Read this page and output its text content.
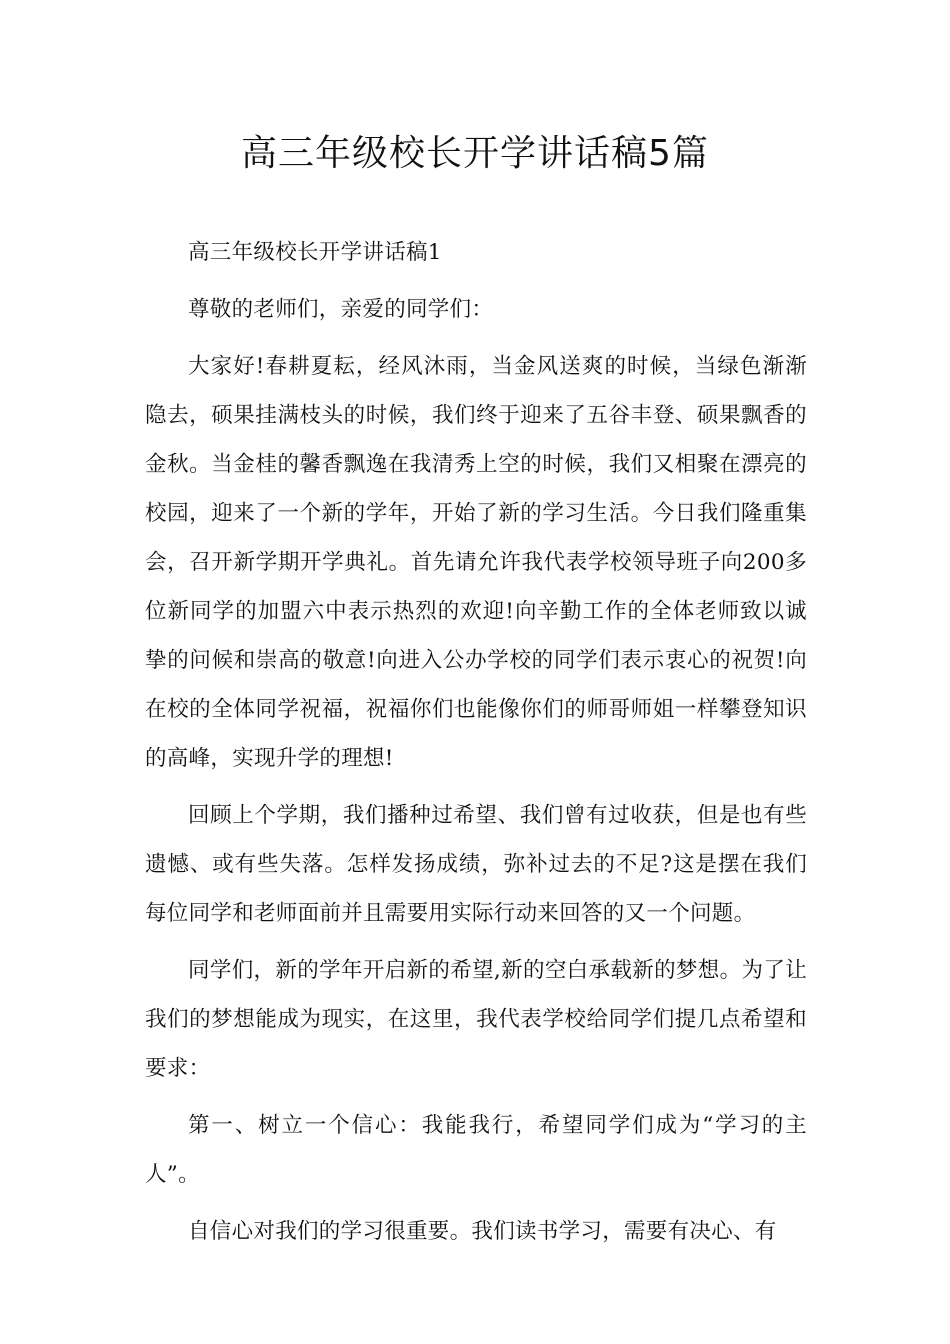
高三年级校长开学讲话稿5篇

高三年级校长开学讲话稿1

尊敬的老师们，亲爱的同学们：

大家好!春耕夏耘，经风沐雨，当金风送爽的时候，当绿色渐渐隐去，硕果挂满枝头的时候，我们终于迎来了五谷丰登、硕果飘香的金秋。当金桂的馨香飘逸在我清秀上空的时候，我们又相聚在漂亮的校园，迎来了一个新的学年，开始了新的学习生活。今日我们隆重集会，召开新学期开学典礼。首先请允许我代表学校领导班子向200多位新同学的加盟六中表示热烈的欢迎!向辛勤工作的全体老师致以诚挚的问候和崇高的敬意!向进入公办学校的同学们表示衷心的祝贺!向在校的全体同学祝福，祝福你们也能像你们的师哥师姐一样攀登知识的高峰，实现升学的理想!

回顾上个学期，我们播种过希望、我们曾有过收获，但是也有些遗憾、或有些失落。怎样发扬成绩，弥补过去的不足?这是摆在我们每位同学和老师面前并且需要用实际行动来回答的又一个问题。

同学们，新的学年开启新的希望,新的空白承载新的梦想。为了让我们的梦想能成为现实，在这里，我代表学校给同学们提几点希望和要求：

第一、树立一个信心：我能我行，希望同学们成为“学习的主人”。

自信心对我们的学习很重要。我们读书学习，需要有决心、有
